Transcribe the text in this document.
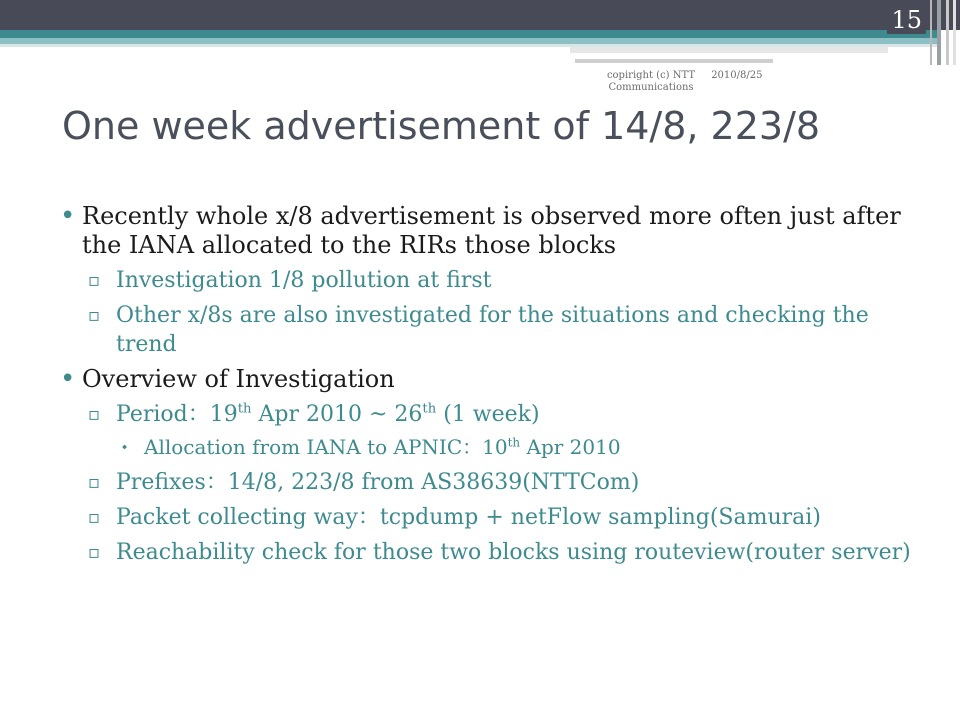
15
copiright (c) NTT Communications 2010/8/25
One week advertisement of 14/8, 223/8
• Recently whole x/8 advertisement is observed more often just after the IANA allocated to the RIRs those blocks
▫ Investigation 1/8 pollution at first
▫ Other x/8s are also investigated for the situations and checking the trend
• Overview of Investigation
▫ Period：19th Apr 2010 ~ 26th (1 week)
⬩ Allocation from IANA to APNIC：10th Apr 2010
▫ Prefixes：14/8, 223/8 from AS38639(NTTCom)
▫ Packet collecting way：tcpdump + netFlow sampling(Samurai)
▫ Reachability check for those two blocks using routeview(router server)
